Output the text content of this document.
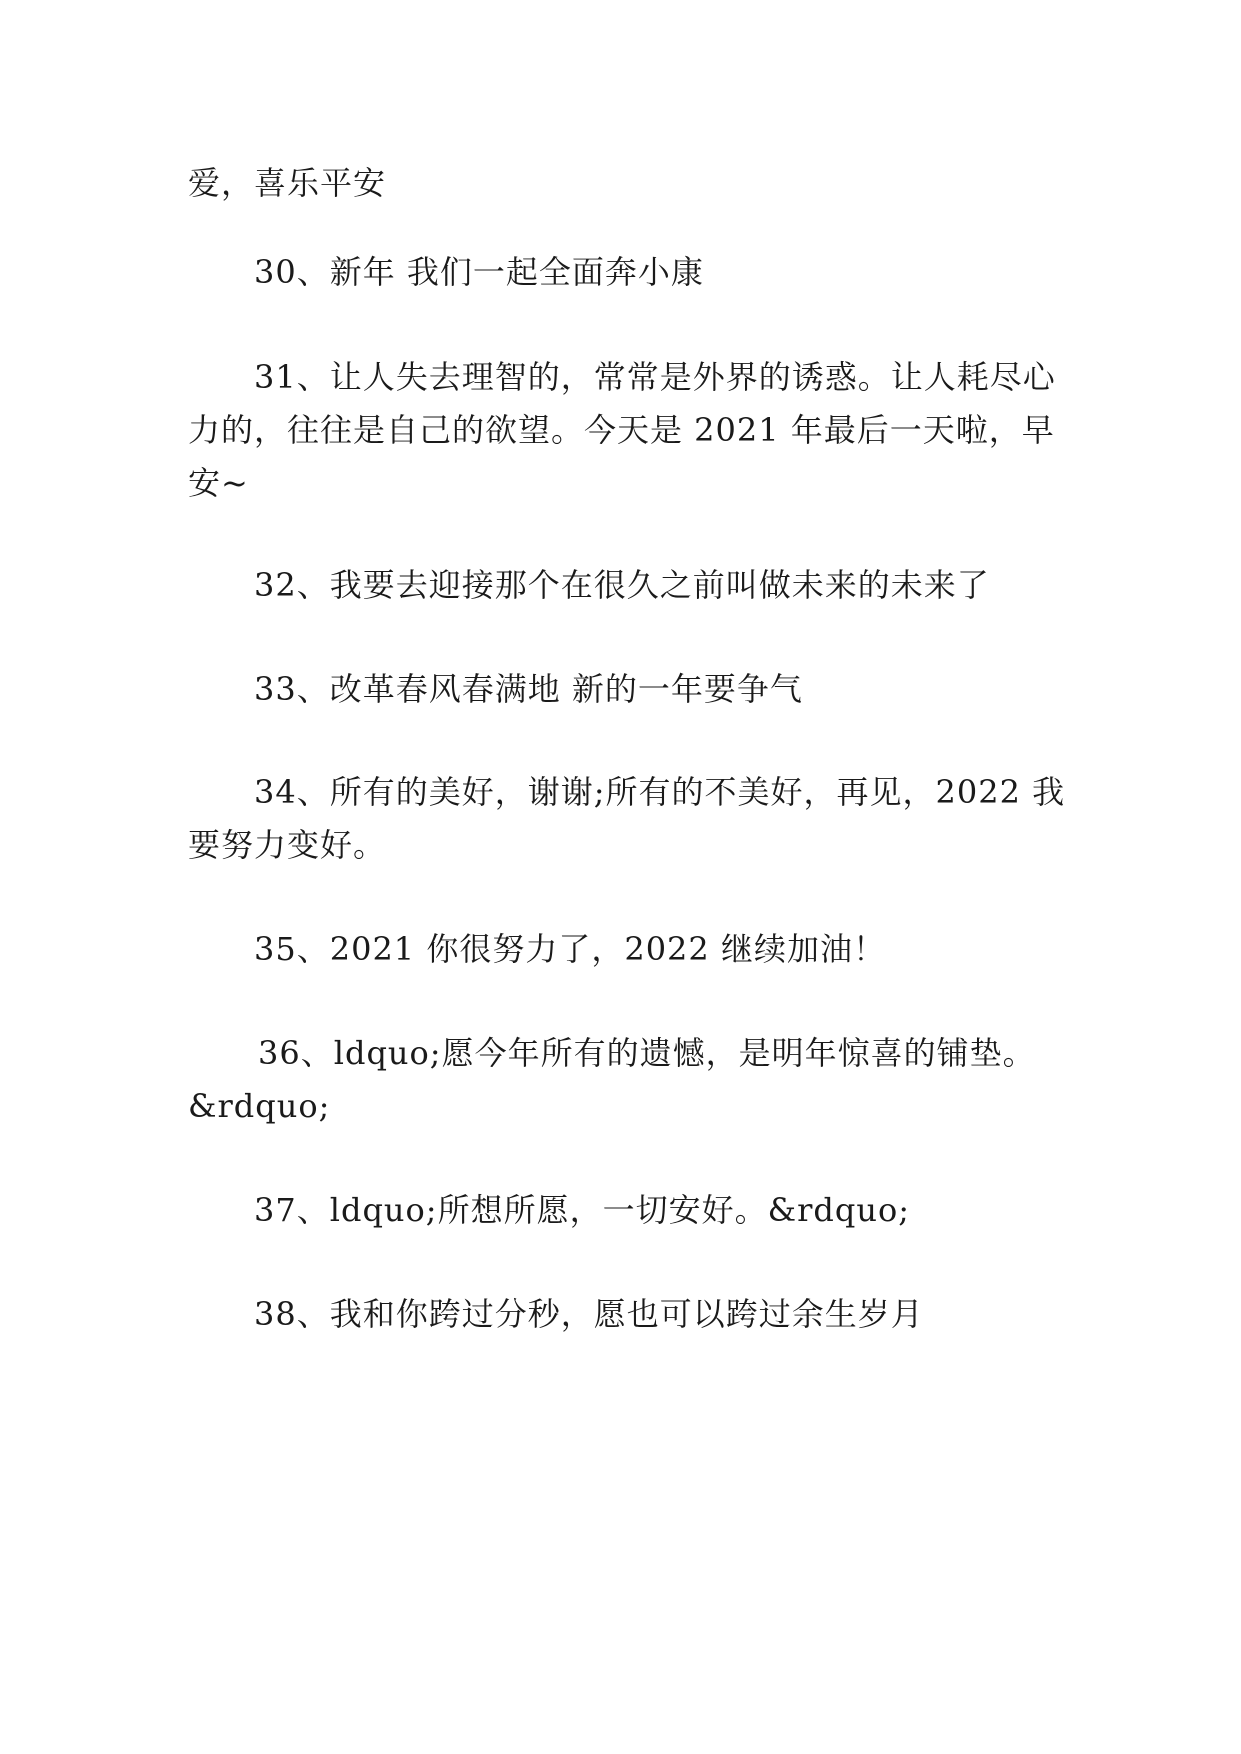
爱，喜乐平安
30、新年 我们一起全面奔小康
31、让人失去理智的，常常是外界的诱惑。让人耗尽心
力的，往往是自己的欲望。今天是 2021 年最后一天啦，早
安~
32、我要去迎接那个在很久之前叫做未来的未来了
33、改革春风春满地 新的一年要争气
34、所有的美好，谢谢;所有的不美好，再见，2022 我
要努力变好。
35、2021 你很努力了，2022 继续加油！
36、ldquo;愿今年所有的遗憾，是明年惊喜的铺垫。
&rdquo;
37、ldquo;所想所愿，一切安好。&rdquo;
38、我和你跨过分秒，愿也可以跨过余生岁月
